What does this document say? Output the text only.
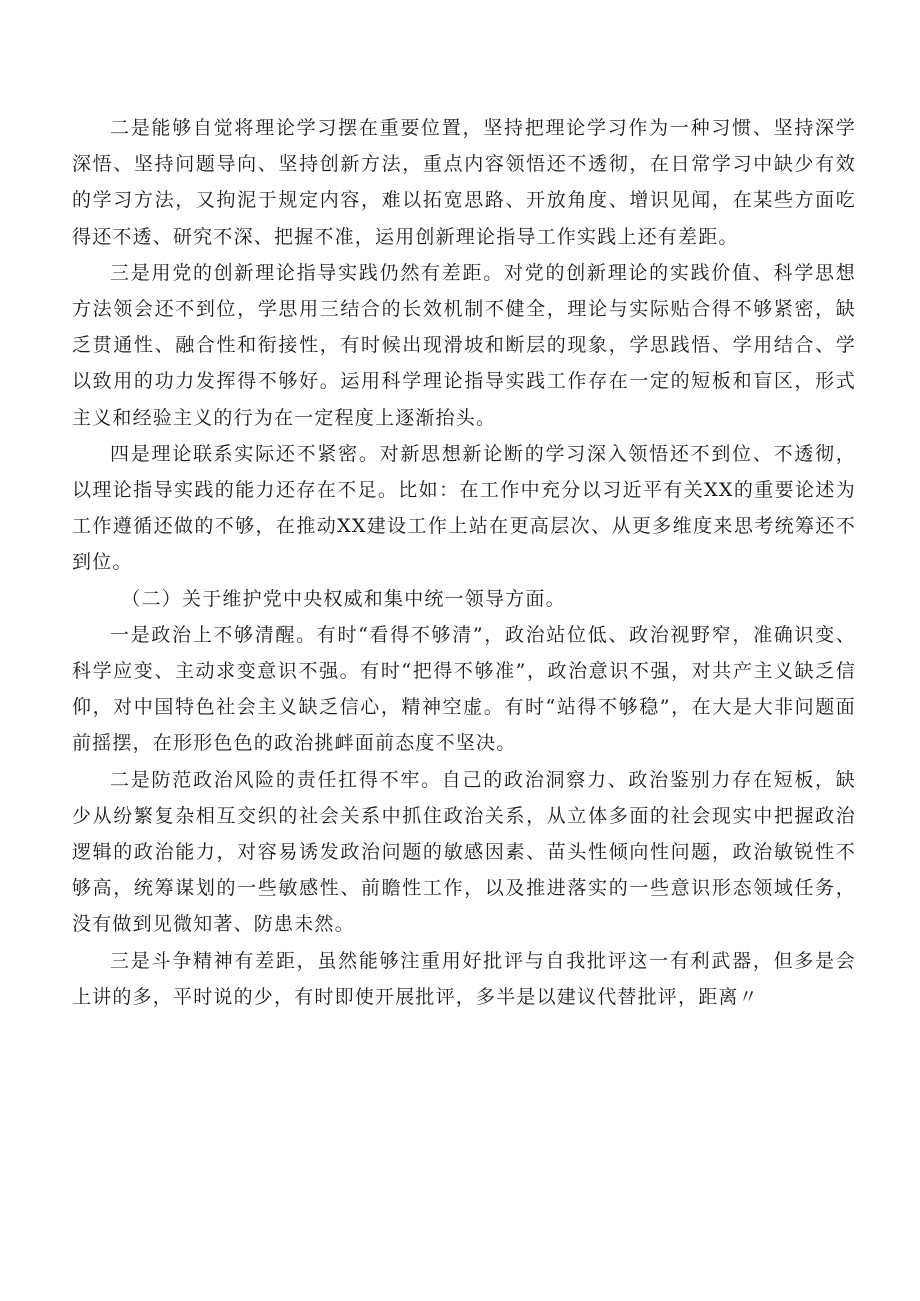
二是能够自觉将理论学习摆在重要位置，坚持把理论学习作为一种习惯、坚持深学深悟、坚持问题导向、坚持创新方法，重点内容领悟还不透彻，在日常学习中缺少有效的学习方法，又拘泥于规定内容，难以拓宽思路、开放角度、增识见闻，在某些方面吃得还不透、研究不深、把握不准，运用创新理论指导工作实践上还有差距。

三是用党的创新理论指导实践仍然有差距。对党的创新理论的实践价值、科学思想方法领会还不到位，学思用三结合的长效机制不健全，理论与实际贴合得不够紧密，缺乏贯通性、融合性和衔接性，有时候出现滑坡和断层的现象，学思践悟、学用结合、学以致用的功力发挥得不够好。运用科学理论指导实践工作存在一定的短板和盲区，形式主义和经验主义的行为在一定程度上逐渐抬头。

四是理论联系实际还不紧密。对新思想新论断的学习深入领悟还不到位、不透彻，以理论指导实践的能力还存在不足。比如：在工作中充分以习近平有关XX的重要论述为工作遵循还做的不够，在推动XX建设工作上站在更高层次、从更多维度来思考统筹还不到位。

（二）关于维护党中央权威和集中统一领导方面。

一是政治上不够清醒。有时“看得不够清”，政治站位低、政治视野窄，准确识变、科学应变、主动求变意识不强。有时“把得不够准”，政治意识不强，对共产主义缺乏信仰，对中国特色社会主义缺乏信心，精神空虚。有时“站得不够稳”，在大是大非问题面前摇摆，在形形色色的政治挑衅面前态度不坚决。

二是防范政治风险的责任扛得不牢。自己的政治洞察力、政治鉴别力存在短板，缺少从纷繁复杂相互交织的社会关系中抓住政治关系，从立体多面的社会现实中把握政治逻辑的政治能力，对容易诱发政治问题的敏感因素、苗头性倾向性问题，政治敏锐性不够高，统筹谋划的一些敏感性、前瞻性工作，以及推进落实的一些意识形态领域任务，没有做到见微知著、防患未然。

三是斗争精神有差距，虽然能够注重用好批评与自我批评这一有利武器，但多是会上讲的多，平时说的少，有时即使开展批评，多半是以建议代替批评，距离〃
